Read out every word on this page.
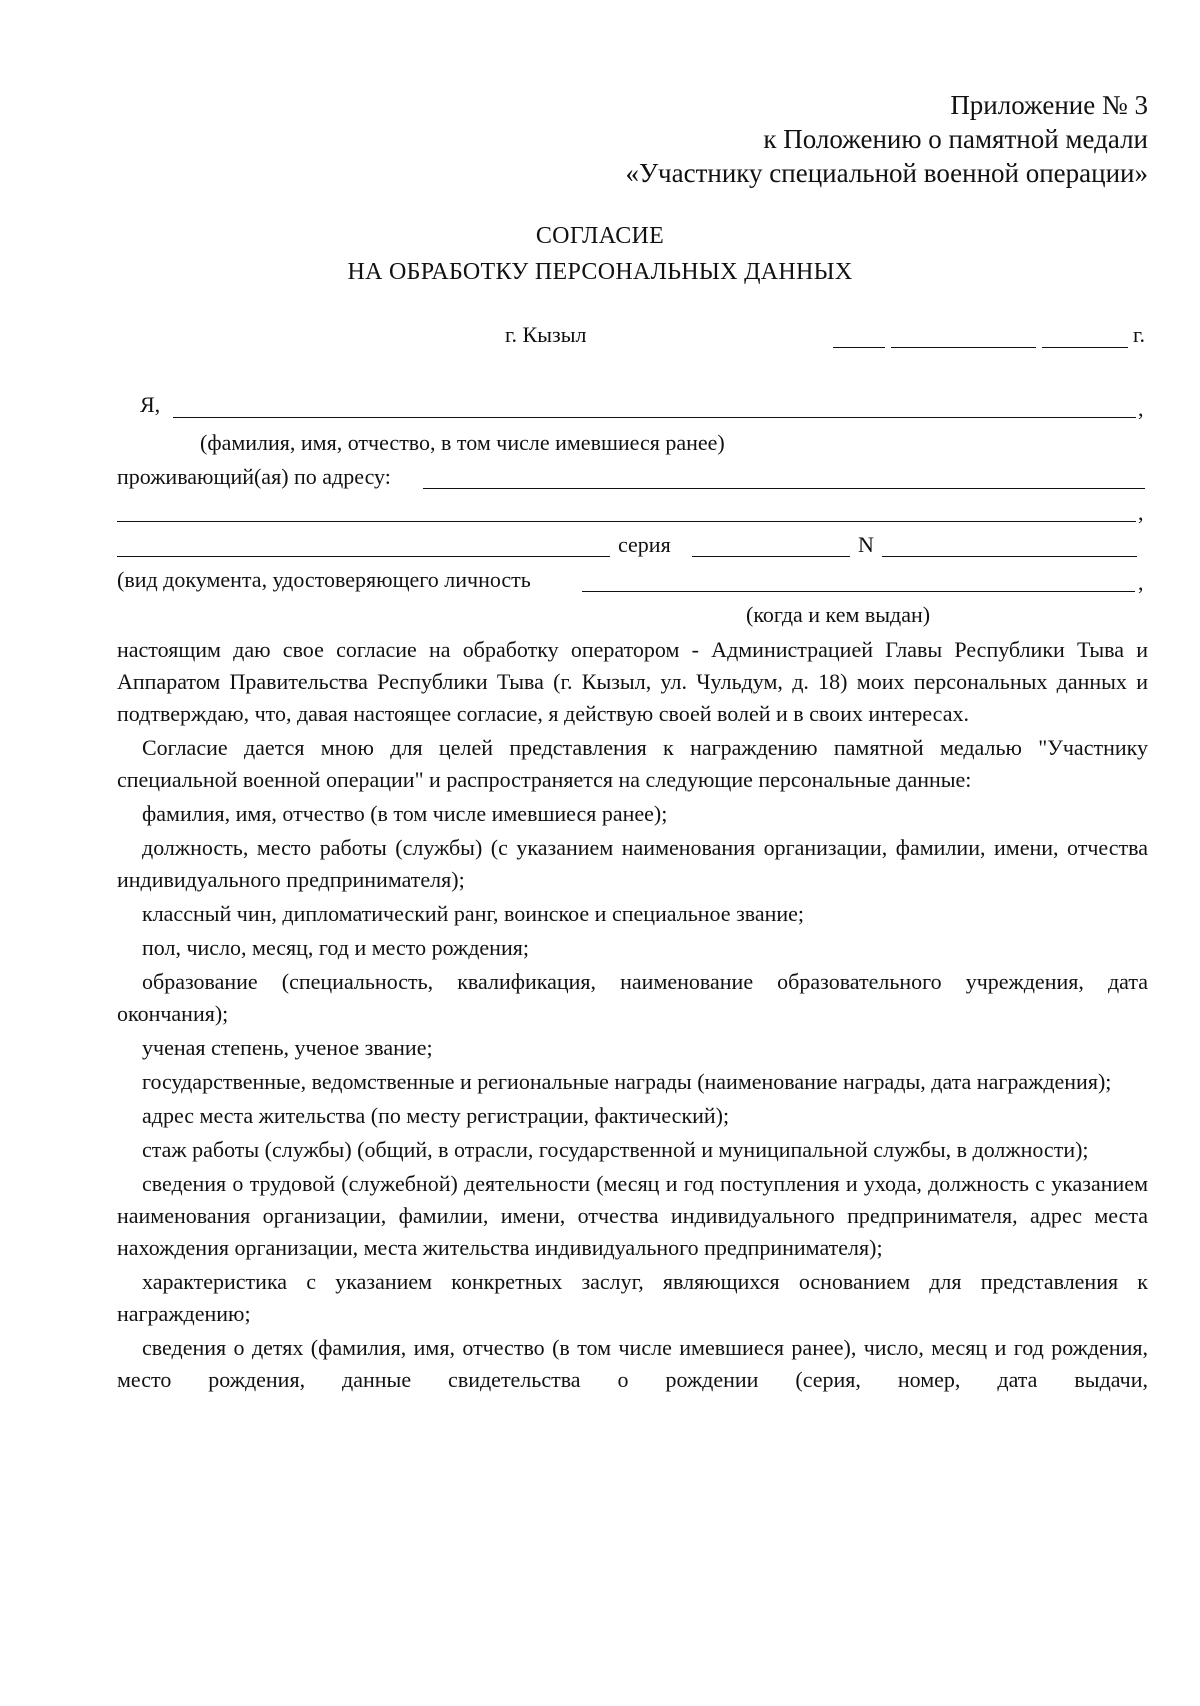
Приложение № 3
к Положению о памятной медали
«Участнику специальной военной операции»
СОГЛАСИЕ
НА ОБРАБОТКУ ПЕРСОНАЛЬНЫХ ДАННЫХ
г. Кызыл	г.
Я,	,
(фамилия, имя, отчество, в том числе имевшиеся ранее)
проживающий(ая) по адресу:
,
серия	N
(вид документа, удостоверяющего личность	,
(когда и кем выдан)

настоящим даю свое согласие на обработку оператором - Администрацией Главы Республики Тыва и Аппаратом Правительства Республики Тыва (г. Кызыл, ул. Чульдум, д. 18) моих персональных данных и подтверждаю, что, давая настоящее согласие, я действую своей волей и в своих интересах.

Согласие дается мною для целей представления к награждению памятной медалью "Участнику специальной военной операции" и распространяется на следующие персональные данные:

фамилия, имя, отчество (в том числе имевшиеся ранее);

должность, место работы (службы) (с указанием наименования организации, фамилии, имени, отчества индивидуального предпринимателя);

классный чин, дипломатический ранг, воинское и специальное звание;

пол, число, месяц, год и место рождения;

образование (специальность, квалификация, наименование образовательного учреждения, дата окончания);

ученая степень, ученое звание;

государственные, ведомственные и региональные награды (наименование награды, дата награждения);

адрес места жительства (по месту регистрации, фактический);

стаж работы (службы) (общий, в отрасли, государственной и муниципальной службы, в должности);

сведения о трудовой (служебной) деятельности (месяц и год поступления и ухода, должность с указанием наименования организации, фамилии, имени, отчества индивидуального предпринимателя, адрес места нахождения организации, места жительства индивидуального предпринимателя);

характеристика с указанием конкретных заслуг, являющихся основанием для представления к награждению;

сведения о детях (фамилия, имя, отчество (в том числе имевшиеся ранее), число, месяц и год рождения, место рождения, данные свидетельства о рождении (серия, номер, дата выдачи,
